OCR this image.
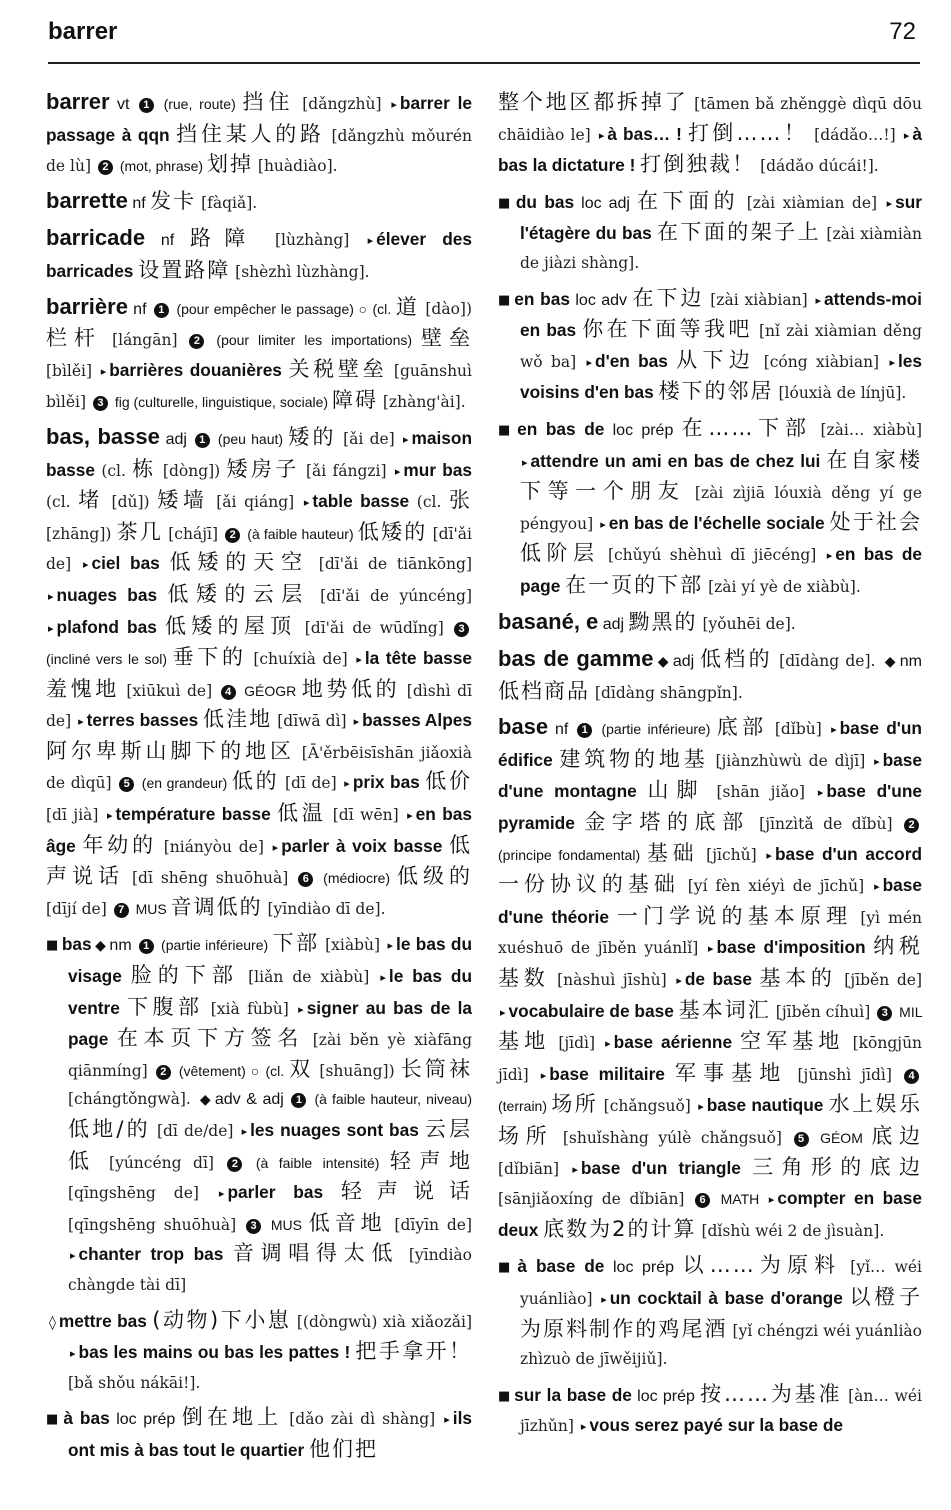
barrer	72

barrer vt 1 (rue, route) 挡住 [dǎngzhù] ▸ barrer le passage à qqn 挡住某人的路 [dǎngzhù mǒurén de lù] 2 (mot, phrase) 划掉 [huàdiào].

barrette nf 发卡 [fàqiǎ].

barricade nf 路障 [lùzhàng] ▸ élever des barricades 设置路障 [shèzhì lùzhàng].

barrière nf 1 (pour empêcher le passage) ○ (cl. 道 [dào]) 栏杆 [lángān] 2 (pour limiter les importations) 壁垒 [bìlěi] ▸ barrières douanières 关税壁垒 [guānshuì bìlěi] 3 fig (culturelle, linguistique, sociale) 障碍 [zhàng'ài].

bas, basse adj 1 (peu haut) 矮的 [ǎi de] ▸ maison basse (cl. 栋 [dòng]) 矮房子 [ǎi fángzi] ▸ mur bas (cl. 堵 [dǔ]) 矮墙 [ǎi qiáng] ▸ table basse (cl. 张 [zhāng]) 茶几 [chájī] 2 (à faible hauteur) 低矮的 [dī'ǎi de] ▸ ciel bas 低矮的天空 [dī'ǎi de tiānkōng] ▸ nuages bas 低矮的云层 [dī'ǎi de yúncéng] ▸ plafond bas 低矮的屋顶 [dī'ǎi de wūdǐng] 3 (incliné vers le sol) 垂下的 [chuíxià de] ▸ la tête basse 羞愧地 [xiūkuì de] 4 GÉOGR 地势低的 [dìshì dī de] ▸ terres basses 低洼地 [dīwā dì] ▸ basses Alpes 阿尔卑斯山脚下的地区 [Ā'ěrbēisīshān jiǎoxià de dìqū] 5 (en grandeur) 低的 [dī de] ▸ prix bas 低价 [dī jià] ▸ température basse 低温 [dī wēn] ▸ en bas âge 年幼的 [niányòu de] ▸ parler à voix basse 低声说话 [dī shēng shuōhuà] 6 (médiocre) 低级的 [dījí de] 7 MUS 音调低的 [yīndiào dī de].

■ bas ◆ nm 1 (partie inférieure) 下部 [xiàbù] ▸ le bas du visage 脸的下部 [liǎn de xiàbù] ▸ le bas du ventre 下腹部 [xià fùbù] ▸ signer au bas de la page 在本页下方签名 [zài běn yè xiàfāng qiānmíng] 2 (vêtement) ○ (cl. 双 [shuāng]) 长筒袜 [chángtǒngwà]. ◆ adv & adj 1 (à faible hauteur, niveau) 低地/的 [dī de/de] ▸ les nuages sont bas 云层低 [yúncéng dī] 2 (à faible intensité) 轻声地 [qīngshēng de] ▸ parler bas 轻声说话 [qīngshēng shuōhuà] 3 MUS 低音地 [dīyīn de] ▸ chanter trop bas 音调唱得太低 [yīndiào chàngde tài dī]

◊ mettre bas (动物)下小崽 [(dòngwù) xià xiǎozǎi] ▸ bas les mains ou bas les pattes ! 把手拿开！ [bǎ shǒu nákāi!].

■ à bas loc prép 倒在地上 [dǎo zài dì shàng] ▸ ils ont mis à bas tout le quartier 他们把

整个地区都拆掉了 [tāmen bǎ zhěnggè dìqū dōu chāidiào le] ▸ à bas… ! 打倒……！ [dádǎo…!] ▸ à bas la dictature ! 打倒独裁！ [dádǎo dúcái!].

■ du bas loc adj 在下面的 [zài xiàmian de] ▸ sur l'étagère du bas 在下面的架子上 [zài xiàmiàn de jiàzi shàng].

■ en bas loc adv 在下边 [zài xiàbian] ▸ attends-moi en bas 你在下面等我吧 [nǐ zài xiàmian děng wǒ ba] ▸ d'en bas 从下边 [cóng xiàbian] ▸ les voisins d'en bas 楼下的邻居 [lóuxià de línjū].

■ en bas de loc prép 在……下部 [zài… xiàbù] ▸ attendre un ami en bas de chez lui 在自家楼下等一个朋友 [zài zìjiā lóuxià děng yí ge péngyou] ▸ en bas de l'échelle sociale 处于社会低阶层 [chǔyú shèhuì dī jiēcéng] ▸ en bas de page 在一页的下部 [zài yí yè de xiàbù].

basané, e adj 黝黑的 [yǒuhēi de].

bas de gamme ◆ adj 低档的 [dīdàng de]. ◆ nm 低档商品 [dīdàng shāngpǐn].

base nf 1 (partie inférieure) 底部 [dǐbù] ▸ base d'un édifice 建筑物的地基 [jiànzhùwù de dìjī] ▸ base d'une montagne 山脚 [shān jiǎo] ▸ base d'une pyramide 金字塔的底部 [jīnzìtǎ de dǐbù] 2 (principe fondamental) 基础 [jīchǔ] ▸ base d'un accord 一份协议的基础 [yí fèn xiéyì de jīchǔ] ▸ base d'une théorie 一门学说的基本原理 [yì mén xuéshuō de jīběn yuánlǐ] ▸ base d'imposition 纳税基数 [nàshuì jīshù] ▸ de base 基本的 [jīběn de] ▸ vocabulaire de base 基本词汇 [jīběn cíhuì] 3 MIL 基地 [jīdì] ▸ base aérienne 空军基地 [kōngjūn jīdì] ▸ base militaire 军事基地 [jūnshì jīdì] 4 (terrain) 场所 [chǎngsuǒ] ▸ base nautique 水上娱乐场所 [shuǐshàng yúlè chǎngsuǒ] 5 GÉOM 底边 [dǐbiān] ▸ base d'un triangle 三角形的底边 [sānjiǎoxíng de dǐbiān] 6 MATH ▸ compter en base deux 底数为2的计算 [dǐshù wéi 2 de jìsuàn].

■ à base de loc prép 以……为原料 [yǐ… wéi yuánliào] ▸ un cocktail à base d'orange 以橙子为原料制作的鸡尾酒 [yǐ chéngzi wéi yuánliào zhìzuò de jīwěijiǔ].

■ sur la base de loc prép 按……为基准 [àn… wéi jīzhǔn] ▸ vous serez payé sur la base de
